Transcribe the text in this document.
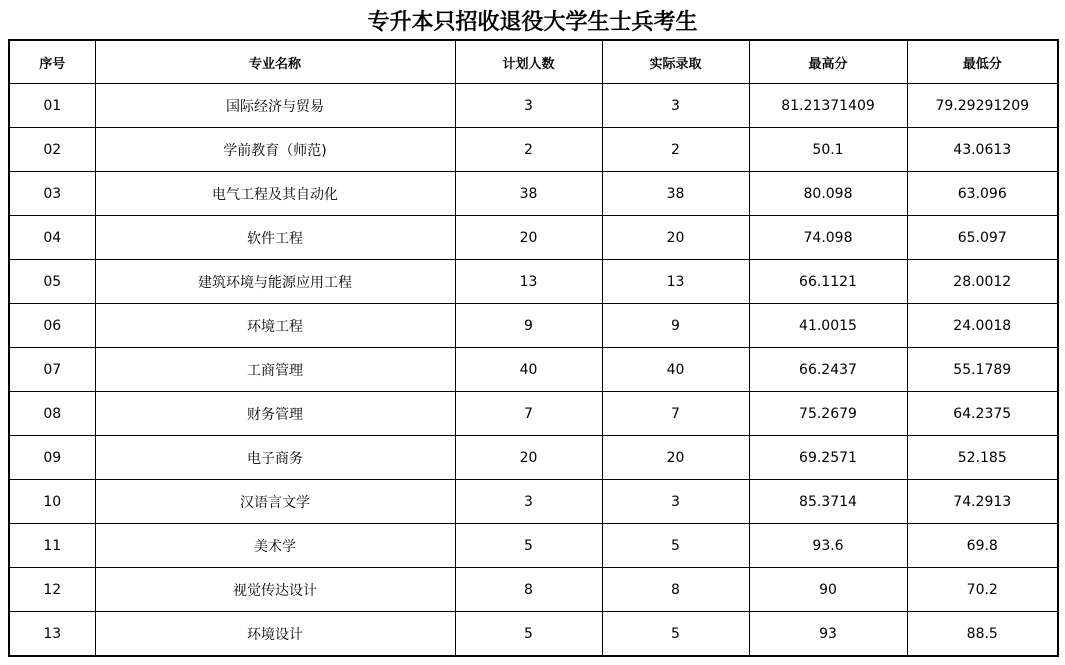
专升本只招收退役大学生士兵考生
序号	专业名称	计划人数	实际录取	最高分	最低分
01	国际经济与贸易	3	3	81.21371409	79.29291209
02	学前教育（师范)	2	2	50.1	43.0613
03	电气工程及其自动化	38	38	80.098	63.096
04	软件工程	20	20	74.098	65.097
05	建筑环境与能源应用工程	13	13	66.1121	28.0012
06	环境工程	9	9	41.0015	24.0018
07	工商管理	40	40	66.2437	55.1789
08	财务管理	7	7	75.2679	64.2375
09	电子商务	20	20	69.2571	52.185
10	汉语言文学	3	3	85.3714	74.2913
11	美术学	5	5	93.6	69.8
12	视觉传达设计	8	8	90	70.2
13	环境设计	5	5	93	88.5
